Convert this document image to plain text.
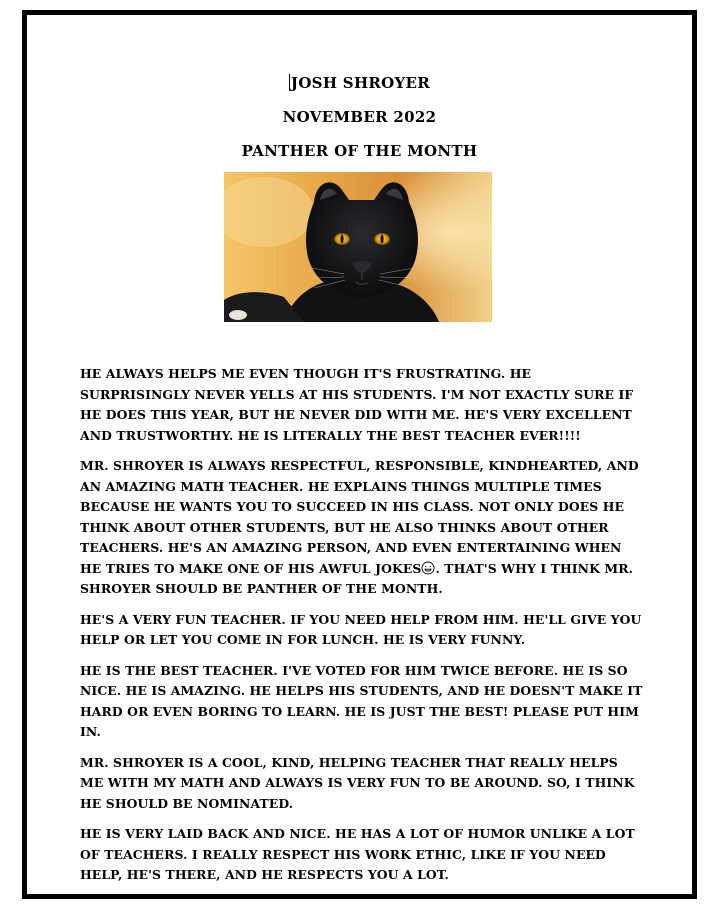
JOSH SHROYER

NOVEMBER 2022

PANTHER OF THE MONTH

HE ALWAYS HELPS ME EVEN THOUGH IT'S FRUSTRATING. HE SURPRISINGLY NEVER YELLS AT HIS STUDENTS. I'M NOT EXACTLY SURE IF HE DOES THIS YEAR, BUT HE NEVER DID WITH ME. HE'S VERY EXCELLENT AND TRUSTWORTHY. HE IS LITERALLY THE BEST TEACHER EVER!!!!

MR. SHROYER IS ALWAYS RESPECTFUL, RESPONSIBLE, KINDHEARTED, AND AN AMAZING MATH TEACHER. HE EXPLAINS THINGS MULTIPLE TIMES BECAUSE HE WANTS YOU TO SUCCEED IN HIS CLASS. NOT ONLY DOES HE THINK ABOUT OTHER STUDENTS, BUT HE ALSO THINKS ABOUT OTHER TEACHERS. HE'S AN AMAZING PERSON, AND EVEN ENTERTAINING WHEN HE TRIES TO MAKE ONE OF HIS AWFUL JOKES . THAT'S WHY I THINK MR. SHROYER SHOULD BE PANTHER OF THE MONTH.

HE'S A VERY FUN TEACHER. IF YOU NEED HELP FROM HIM. HE'LL GIVE YOU HELP OR LET YOU COME IN FOR LUNCH. HE IS VERY FUNNY.

HE IS THE BEST TEACHER. I'VE VOTED FOR HIM TWICE BEFORE. HE IS SO NICE. HE IS AMAZING. HE HELPS HIS STUDENTS, AND HE DOESN'T MAKE IT HARD OR EVEN BORING TO LEARN. HE IS JUST THE BEST! PLEASE PUT HIM IN.

MR. SHROYER IS A COOL, KIND, HELPING TEACHER THAT REALLY HELPS ME WITH MY MATH AND ALWAYS IS VERY FUN TO BE AROUND. SO, I THINK HE SHOULD BE NOMINATED.

HE IS VERY LAID BACK AND NICE. HE HAS A LOT OF HUMOR UNLIKE A LOT OF TEACHERS. I REALLY RESPECT HIS WORK ETHIC, LIKE IF YOU NEED HELP, HE'S THERE, AND HE RESPECTS YOU A LOT.
